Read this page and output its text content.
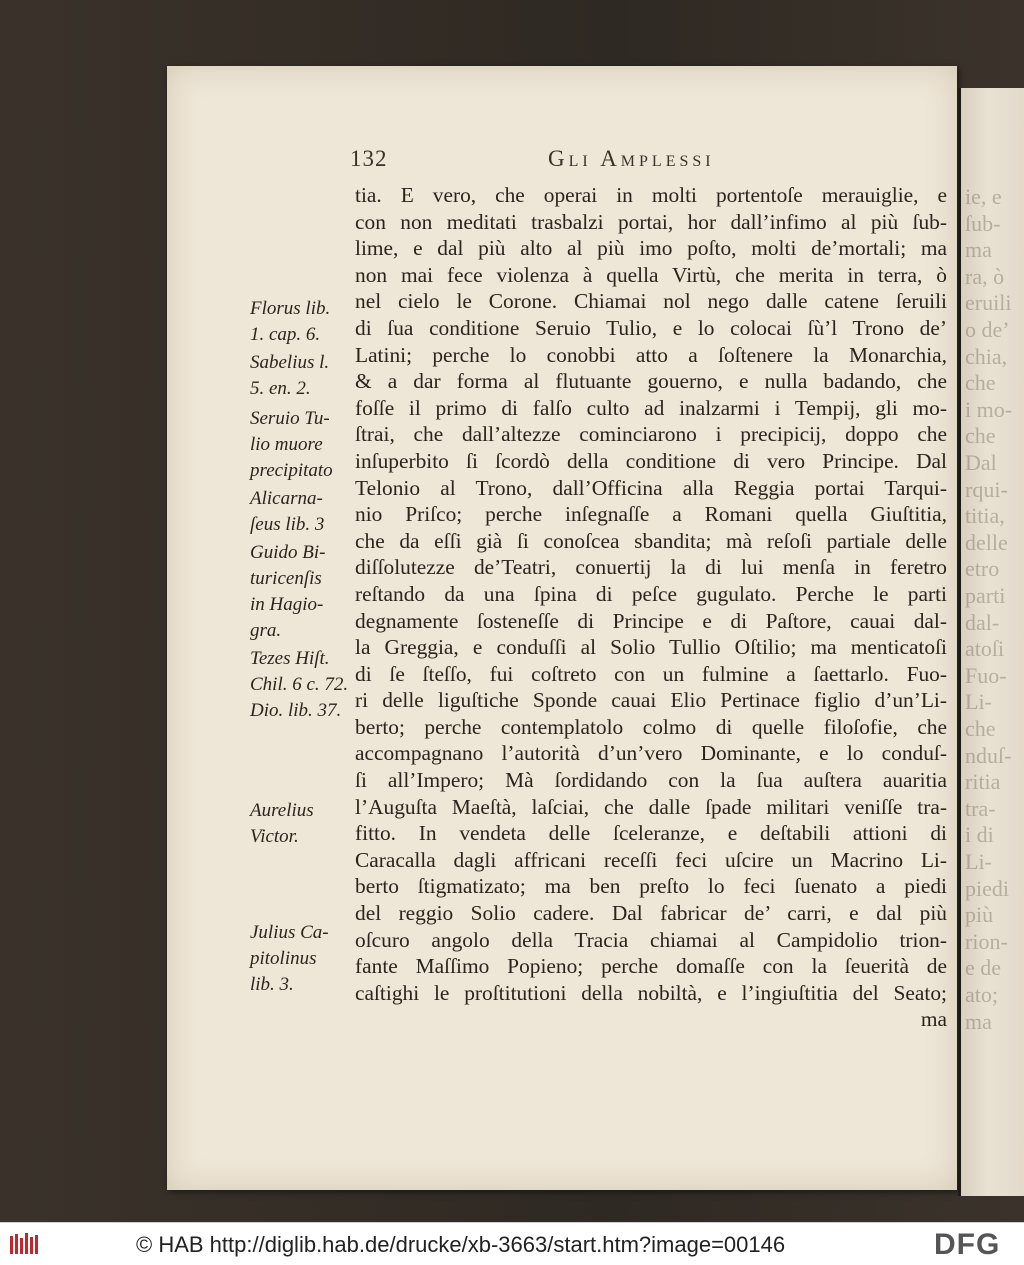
ie, e
ſub-
ma
ra, ò
eruili
o de’
chia,
che
i mo-
che
Dal
rqui-
titia,
delle
etro
parti
dal-
atoſi
Fuo-
Li-
che
nduſ-
ritia
tra-
i di
Li-
piedi
più
rion-
e de
ato;
ma
132	Gli Amplessi
tia. E vero, che operai in molti portentoſe merauiglie, e
con non meditati trasbalzi portai, hor dall’infimo al più ſub-
lime, e dal più alto al più imo poſto, molti de’mortali; ma
non mai fece violenza à quella Virtù, che merita in terra, ò
nel cielo le Corone. Chiamai nol nego dalle catene ſeruili
di ſua conditione Seruio Tulio, e lo colocai ſù’l Trono de’
Latini; perche lo conobbi atto a ſoſtenere la Monarchia,
& a dar forma al flutuante gouerno, e nulla badando, che
foſſe il primo di falſo culto ad inalzarmi i Tempij, gli mo-
ſtrai, che dall’altezze cominciarono i precipicij, doppo che
inſuperbito ſi ſcordò della conditione di vero Principe. Dal
Telonio al Trono, dall’Officina alla Reggia portai Tarqui-
nio Priſco; perche inſegnaſſe a Romani quella Giuſtitia,
che da eſſi già ſi conoſcea sbandita; mà reſoſi partiale delle
diſſolutezze de’Teatri, conuertij la di lui menſa in feretro
reſtando da una ſpina di peſce gugulato. Perche le parti
degnamente ſosteneſſe di Principe e di Paſtore, cauai dal-
la Greggia, e conduſſi al Solio Tullio Oſtilio; ma menticatoſi
di ſe ſteſſo, fui coſtreto con un fulmine a ſaettarlo. Fuo-
ri delle liguſtiche Sponde cauai Elio Pertinace figlio d’un’Li-
berto; perche contemplatolo colmo di quelle filoſofie, che
accompagnano l’autorità d’un’vero Dominante, e lo conduſ-
ſi all’Impero; Mà ſordidando con la ſua auſtera auaritia
l’Auguſta Maeſtà, laſciai, che dalle ſpade militari veniſſe tra-
fitto. In vendeta delle ſceleranze, e deſtabili attioni di
Caracalla dagli affricani receſſi feci uſcire un Macrino Li-
berto ſtigmatizato; ma ben preſto lo feci ſuenato a piedi
del reggio Solio cadere. Dal fabricar de’ carri, e dal più
oſcuro angolo della Tracia chiamai al Campidolio trion-
fante Maſſimo Popieno; perche domaſſe con la ſeuerità de
caſtighi le proſtitutioni della nobiltà, e l’ingiuſtitia del Seato;
ma
Florus lib.
1. cap. 6.
Sabelius l.
5. en. 2.
Seruio Tu-
lio muore
precipitato
Alicarna-
ſeus lib. 3
Guido Bi-
turicenſis
in Hagio-
gra.
Tezes Hiſt.
Chil. 6 c. 72.
Dio. lib. 37.
Aurelius
Victor.
Julius Ca-
pitolinus
lib. 3.
© HAB http://diglib.hab.de/drucke/xb-3663/start.htm?image=00146	DFG
